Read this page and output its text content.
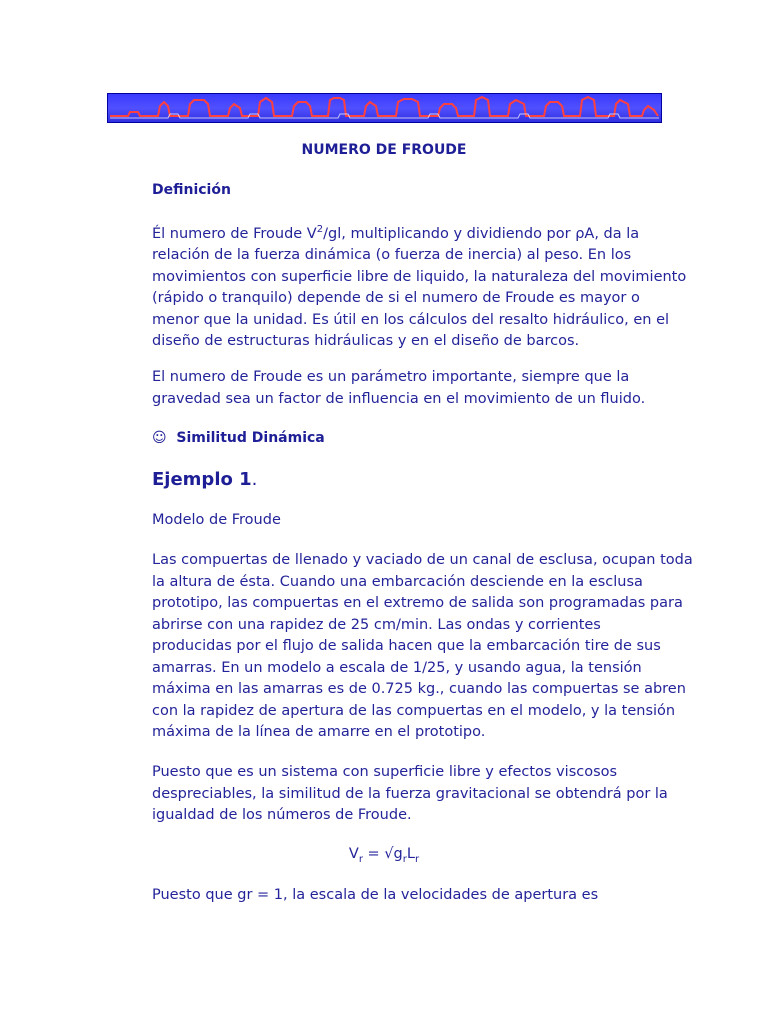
NUMERO DE FROUDE
Definición
Él numero de Froude $V^2/gl$, multiplicando y dividiendo por ρA, da la
relación de la fuerza dinámica (o fuerza de inercia) al peso. En los
movimientos con superficie libre de liquido, la naturaleza del movimiento
(rápido o tranquilo) depende de si el numero de Froude es mayor o
menor que la unidad. Es útil en los cálculos del resalto hidráulico, en el
diseño de estructuras hidráulicas y en el diseño de barcos.
El numero de Froude es un parámetro importante, siempre que la
gravedad sea un factor de influencia en el movimiento de un fluido.
☺ Similitud Dinámica
Ejemplo 1.
Modelo de Froude
Las compuertas de llenado y vaciado de un canal de esclusa, ocupan toda
la altura de ésta. Cuando una embarcación desciende en la esclusa
prototipo, las compuertas en el extremo de salida son programadas para
abrirse con una rapidez de 25 cm/min. Las ondas y corrientes
producidas por el flujo de salida hacen que la embarcación tire de sus
amarras. En un modelo a escala de 1/25, y usando agua, la tensión
máxima en las amarras es de 0.725 kg., cuando las compuertas se abren
con la rapidez de apertura de las compuertas en el modelo, y la tensión
máxima de la línea de amarre en el prototipo.
Puesto que es un sistema con superficie libre y efectos viscosos
despreciables, la similitud de la fuerza gravitacional se obtendrá por la
igualdad de los números de Froude.
$V_r = √g_rL_r$
Puesto que gr = 1, la escala de la velocidades de apertura es
